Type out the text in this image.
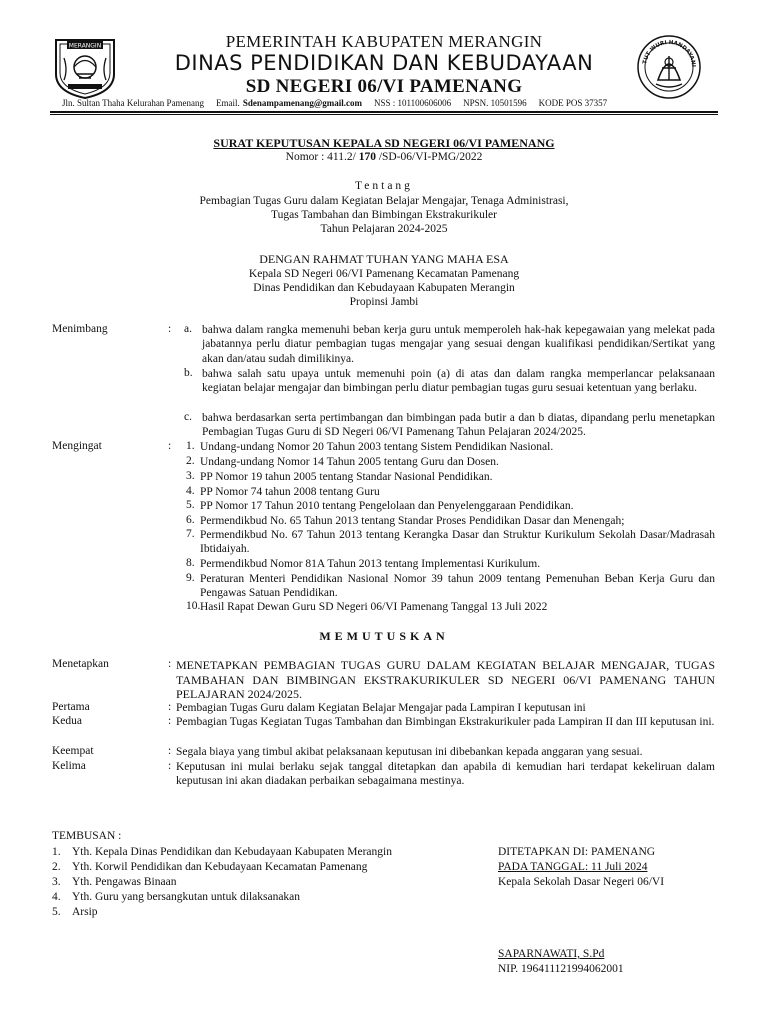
MERANGIN
TUT WURI HANDAYANI
PEMERINTAH KABUPATEN MERANGIN
DINAS PENDIDIKAN DAN KEBUDAYAAN
SD NEGERI 06/VI PAMENANG
Jln. Sultan Thaha Kelurahan Pamenang Email. Sdenampamenang@gmail.com NSS : 101100606006 NPSN. 10501596 KODE POS 37357
SURAT KEPUTUSAN KEPALA SD NEGERI 06/VI PAMENANG
Nomor : 411.2/ 170 /SD-06/VI-PMG/2022
Tentang
Pembagian Tugas Guru dalam Kegiatan Belajar Mengajar, Tenaga Administrasi,
Tugas Tambahan dan Bimbingan Ekstrakurikuler
Tahun Pelajaran 2024-2025
DENGAN RAHMAT TUHAN YANG MAHA ESA
Kepala SD Negeri 06/VI Pamenang Kecamatan Pamenang
Dinas Pendidikan dan Kebudayaan Kabupaten Merangin
Propinsi Jambi
Menimbang	: a. bahwa dalam rangka memenuhi beban kerja guru untuk memperoleh hak-hak kepegawaian yang melekat pada jabatannya perlu diatur pembagian tugas mengajar yang sesuai dengan kualifikasi pendidikan/Sertikat yang akan dan/atau sudah dimilikinya.
b. bahwa salah satu upaya untuk memenuhi poin (a) di atas dan dalam rangka memperlancar pelaksanaan kegiatan belajar mengajar dan bimbingan perlu diatur pembagian tugas guru sesuai ketentuan yang berlaku.
c. bahwa berdasarkan serta pertimbangan dan bimbingan pada butir a dan b diatas, dipandang perlu menetapkan Pembagian Tugas Guru di SD Negeri 06/VI Pamenang Tahun Pelajaran 2024/2025.
Mengingat	: 1. Undang-undang Nomor 20 Tahun 2003 tentang Sistem Pendidikan Nasional.
2. Undang-undang Nomor 14 Tahun 2005 tentang Guru dan Dosen.
3. PP Nomor 19 tahun 2005 tentang Standar Nasional Pendidikan.
4. PP Nomor 74 tahun 2008 tentang Guru
5. PP Nomor 17 Tahun 2010 tentang Pengelolaan dan Penyelenggaraan Pendidikan.
6. Permendikbud No. 65 Tahun 2013 tentang Standar Proses Pendidikan Dasar dan Menengah;
7. Permendikbud No. 67 Tahun 2013 tentang Kerangka Dasar dan Struktur Kurikulum Sekolah Dasar/Madrasah Ibtidaiyah.
8. Permendikbud Nomor 81A Tahun 2013 tentang Implementasi Kurikulum.
9. Peraturan Menteri Pendidikan Nasional Nomor 39 tahun 2009 tentang Pemenuhan Beban Kerja Guru dan Pengawas Satuan Pendidikan.
10. Hasil Rapat Dewan Guru SD Negeri 06/VI Pamenang Tanggal 13 Juli 2022
MEMUTUSKAN
Menetapkan	: MENETAPKAN PEMBAGIAN TUGAS GURU DALAM KEGIATAN BELAJAR MENGAJAR, TUGAS TAMBAHAN DAN BIMBINGAN EKSTRAKURIKULER SD NEGERI 06/VI PAMENANG TAHUN PELAJARAN 2024/2025.
Pertama	: Pembagian Tugas Guru dalam Kegiatan Belajar Mengajar pada Lampiran I keputusan ini
Kedua	: Pembagian Tugas Kegiatan Tugas Tambahan dan Bimbingan Ekstrakurikuler pada Lampiran II dan III keputusan ini.
Keempat	: Segala biaya yang timbul akibat pelaksanaan keputusan ini dibebankan kepada anggaran yang sesuai.
Kelima	: Keputusan ini mulai berlaku sejak tanggal ditetapkan dan apabila di kemudian hari terdapat kekeliruan dalam keputusan ini akan diadakan perbaikan sebagaimana mestinya.
TEMBUSAN :
1. Yth. Kepala Dinas Pendidikan dan Kebudayaan Kabupaten Merangin
2. Yth. Korwil Pendidikan dan Kebudayaan Kecamatan Pamenang
3. Yth. Pengawas Binaan
4. Yth. Guru yang bersangkutan untuk dilaksanakan
5. Arsip
DITETAPKAN DI: PAMENANG
PADA TANGGAL: 11 Juli 2024
Kepala Sekolah Dasar Negeri 06/VI
SAPARNAWATI, S.Pd
NIP. 196411121994062001
